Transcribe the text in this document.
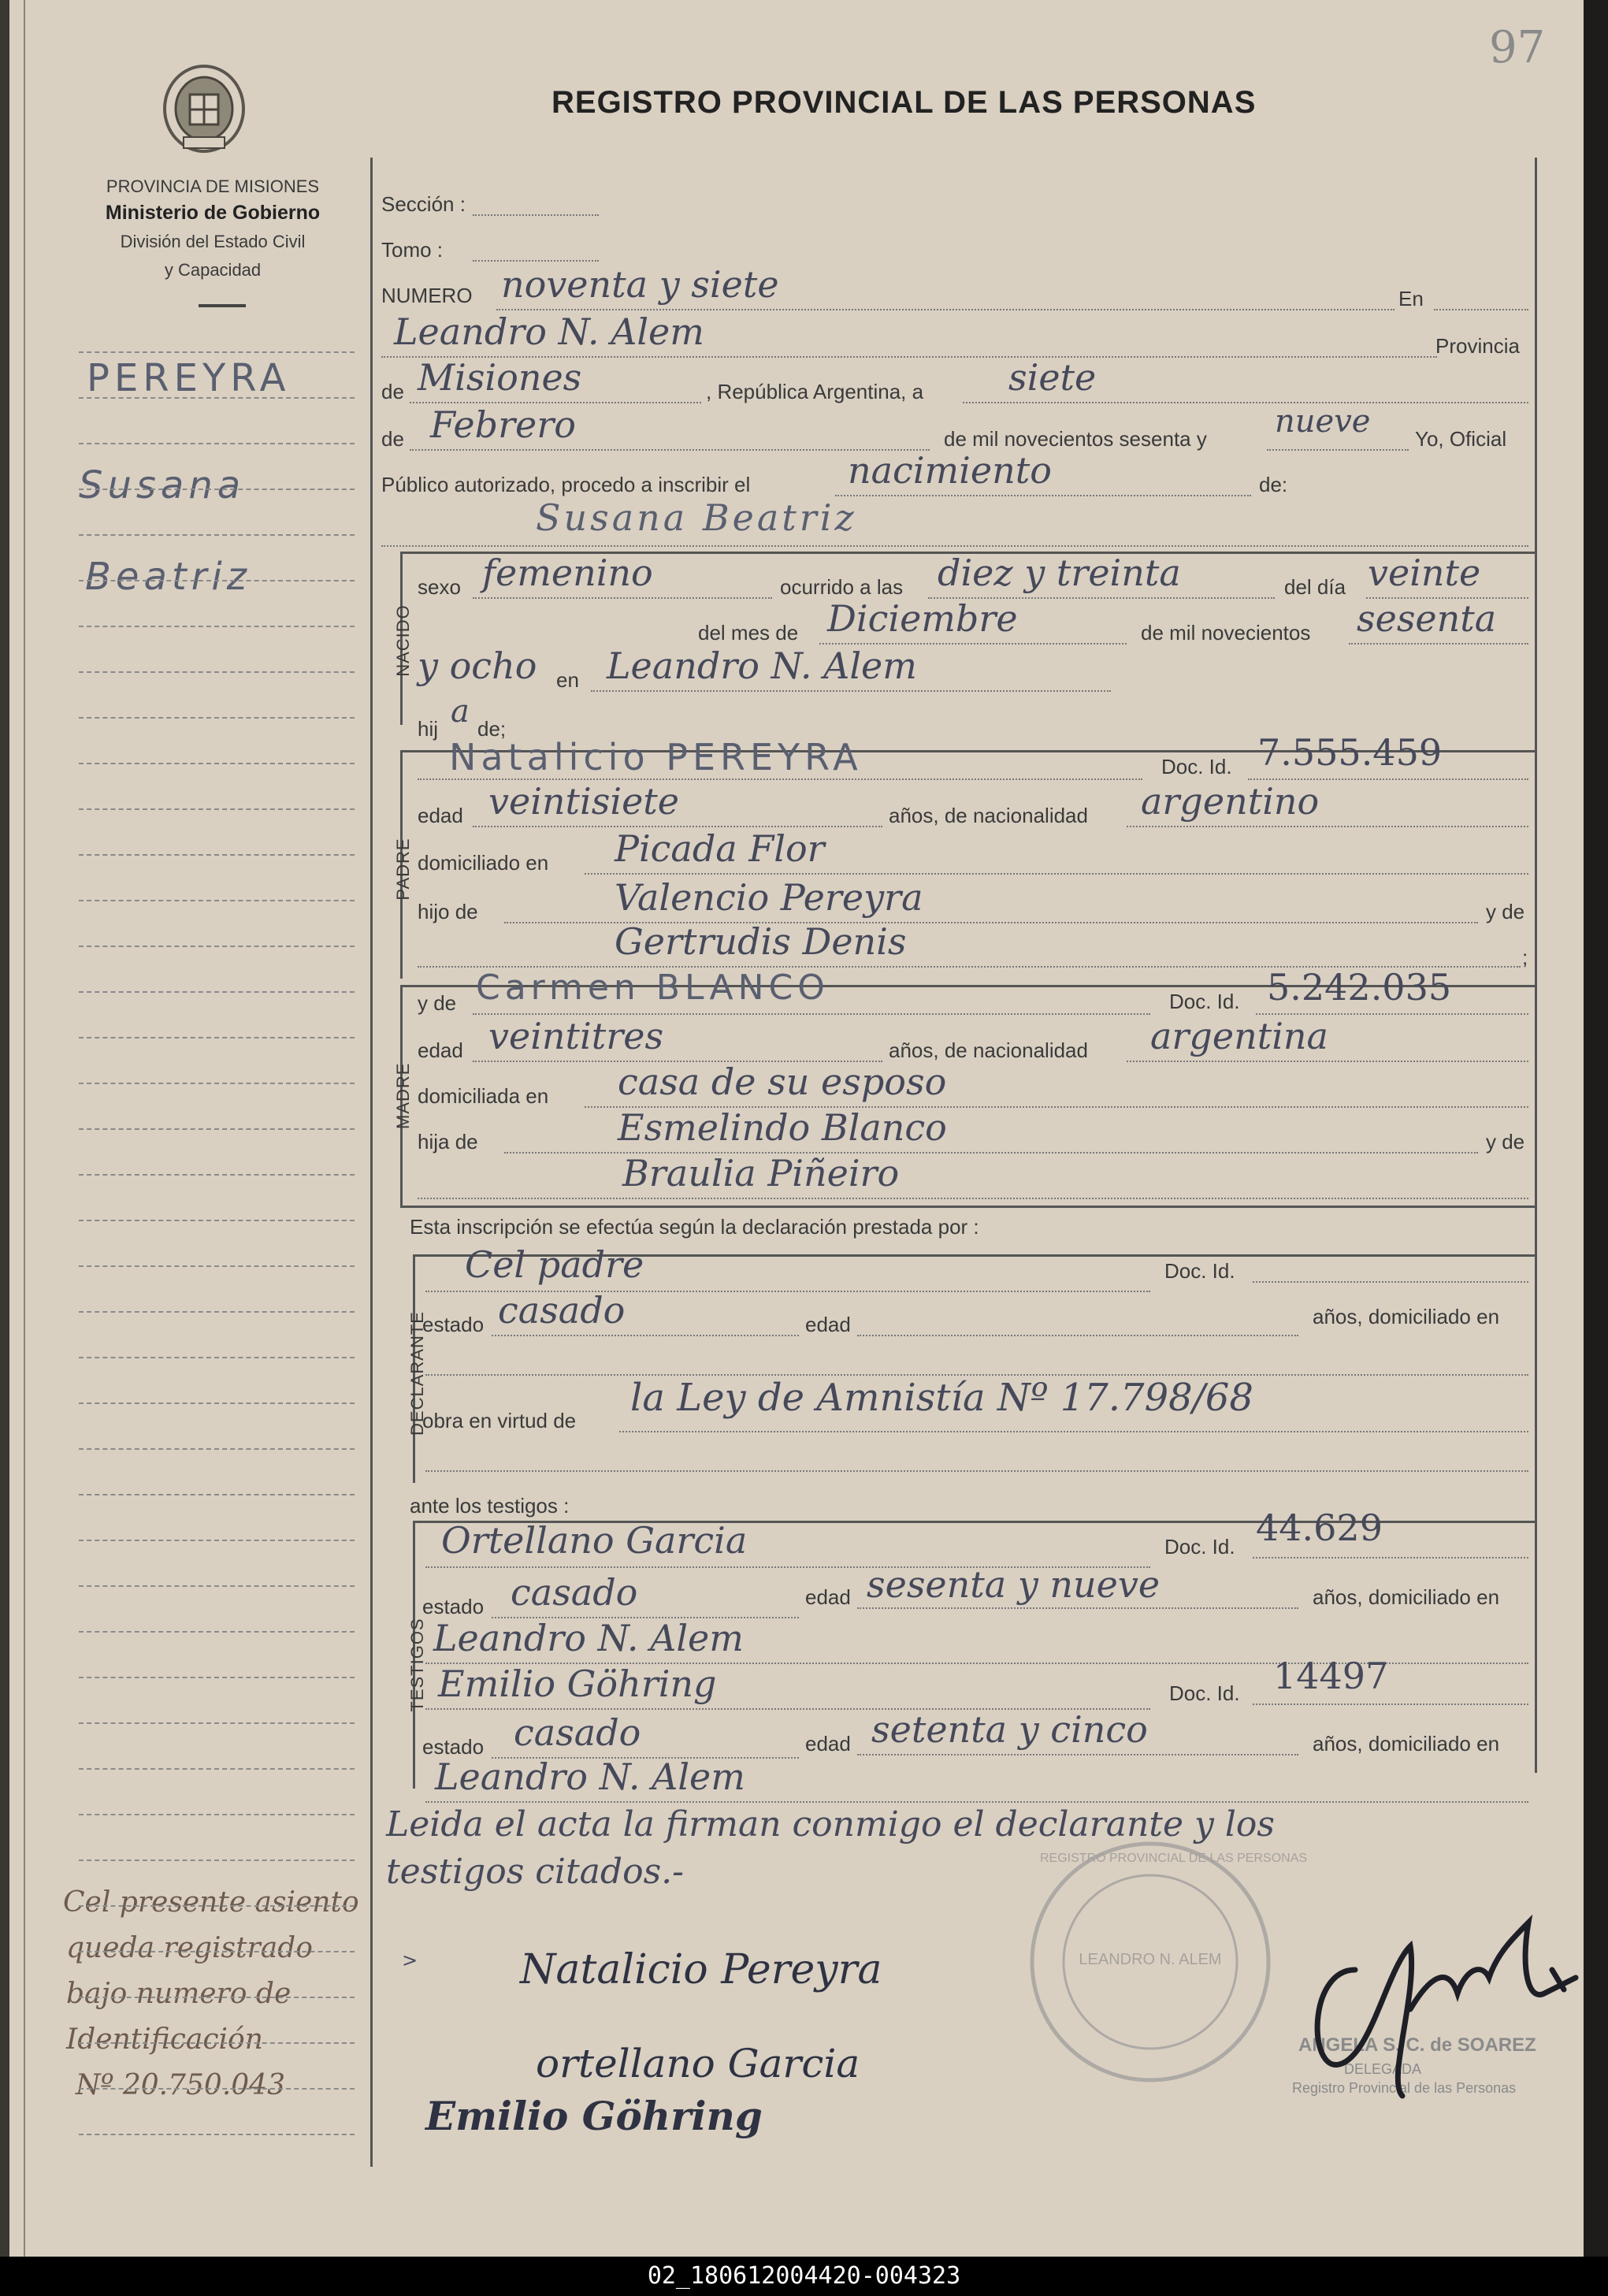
97
PROVINCIA DE MISIONES
Ministerio de Gobierno
División del Estado Civil
y Capacidad
REGISTRO PROVINCIAL DE LAS PERSONAS
PEREYRA
Susana
Beatriz
Cel presente asiento
queda registrado
bajo numero de
Identificación
Nº 20.750.043
Sección :
Tomo :
NUMERO noventa y siete	En
Leandro N. Alem	Provincia
de Misiones	, República Argentina, a siete
de Febrero	de mil novecientos sesenta y nueve Yo, Oficial
Público autorizado, procedo a inscribir el	nacimiento	de:
Susana Beatriz
NACIDO
sexo femenino	ocurrido a las diez y treinta	del día veinte
del mes de Diciembre	de mil novecientos sesenta
y ocho en Leandro N. Alem
hij a de;
PADRE
Natalicio PEREYRA	Doc. Id. 7.555.459
edad veintisiete	años, de nacionalidad argentino
domiciliado en Picada Flor
hijo de	Valencio Pereyra	y de
Gertrudis Denis	;
MADRE
y de Carmen BLANCO	Doc. Id. 5.242.035
edad veintitres	años, de nacionalidad argentina
domiciliada en casa de su esposo
hija de	Esmelindo Blanco	y de
Braulia Piñeiro
Esta inscripción se efectúa según la declaración prestada por :
DECLARANTE
Cel padre	Doc. Id.
estado casado	edad	años, domiciliado en
obra en virtud de
la Ley de Amnistía Nº 17.798/68
ante los testigos :
TESTIGOS
Ortellano Garcia	Doc. Id. 44.629
estado casado	edad sesenta y nueve	años, domiciliado en
Leandro N. Alem
Emilio Göhring	Doc. Id. 14497
estado casado	edad setenta y cinco	años, domiciliado en
Leandro N. Alem
Leida el acta la firman conmigo el declarante y los
testigos citados.-
LEANDRO N. ALEM
REGISTRO PROVINCIAL DE LAS PERSONAS
ANGELA S. C. de SOAREZ
DELEGADA
Registro Provincial de las Personas
> Natalicio Pereyra
ortellano Garcia
Emilio Göhring
02_180612004420-004323
